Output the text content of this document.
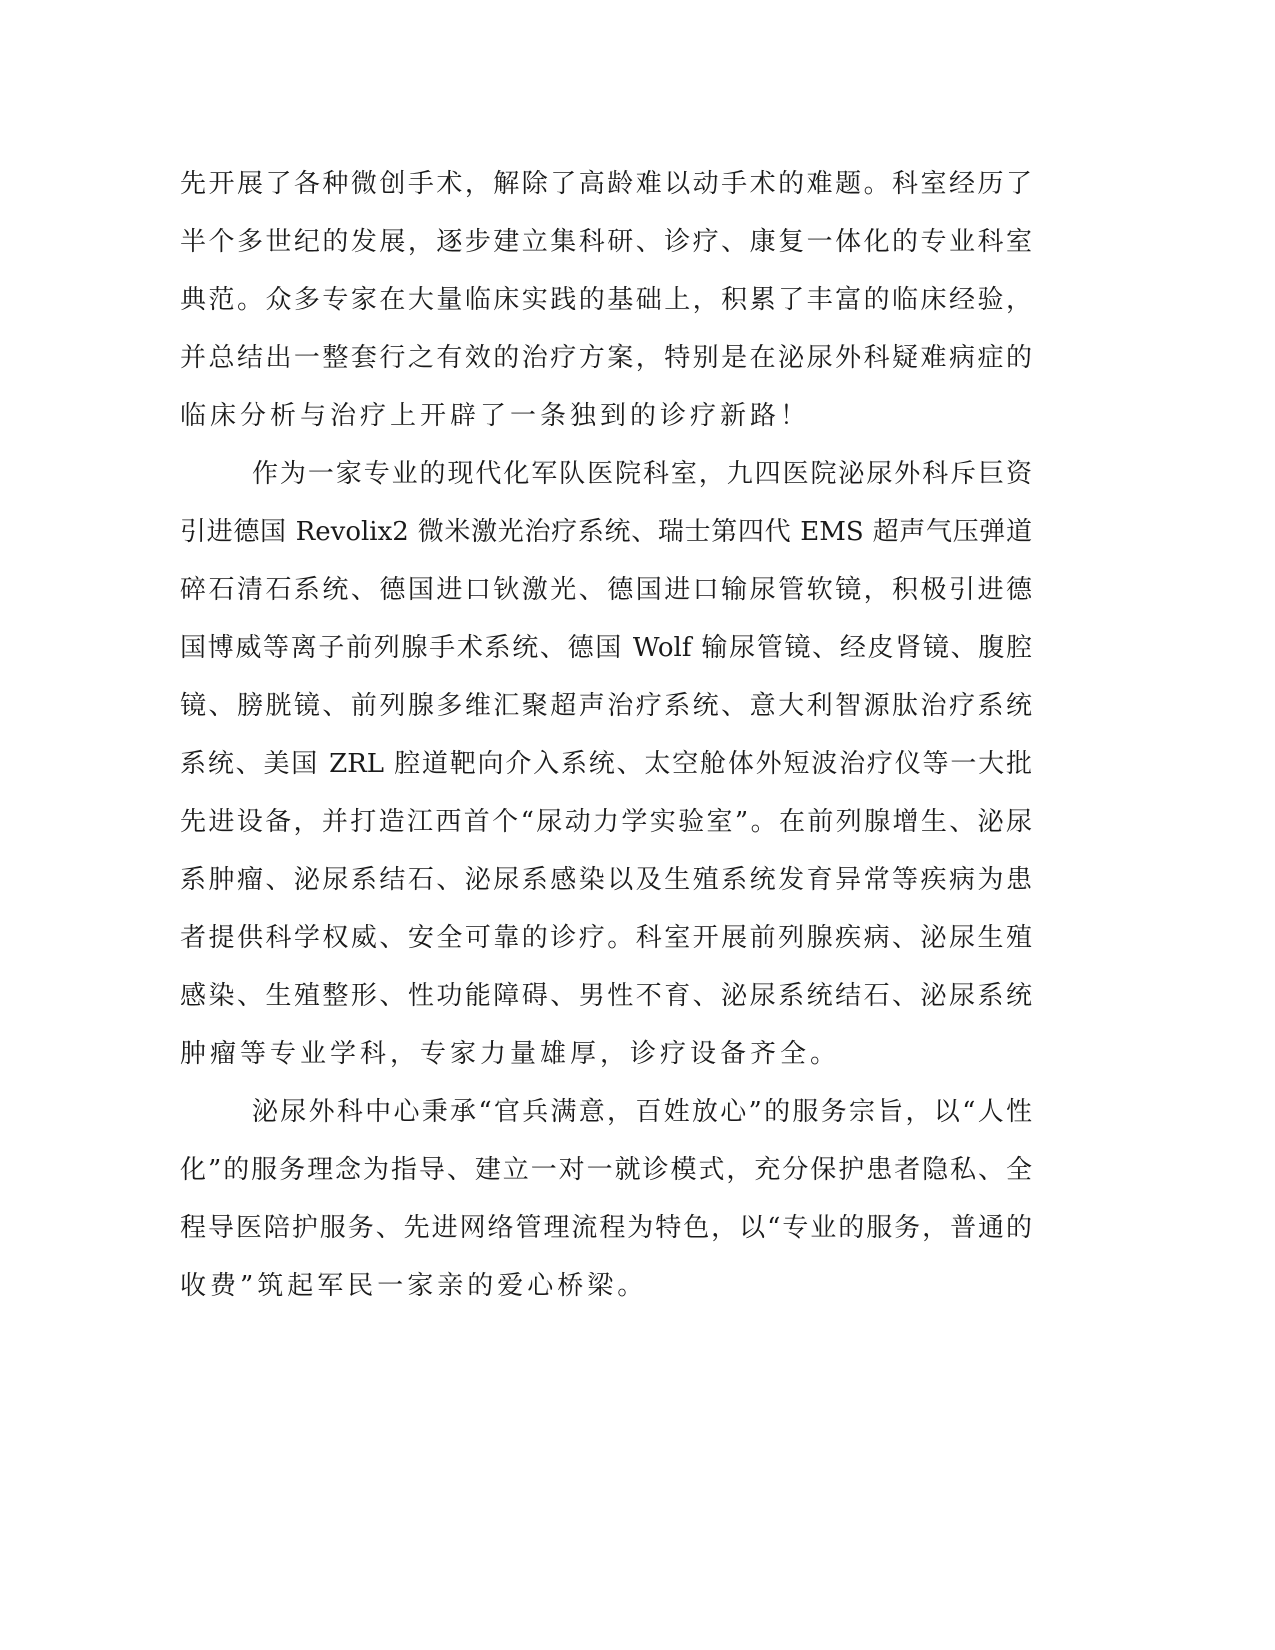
先开展了各种微创手术，解除了高龄难以动手术的难题。科室经历了
半个多世纪的发展，逐步建立集科研、诊疗、康复一体化的专业科室
典范。众多专家在大量临床实践的基础上，积累了丰富的临床经验，
并总结出一整套行之有效的治疗方案，特别是在泌尿外科疑难病症的
临床分析与治疗上开辟了一条独到的诊疗新路！
作为一家专业的现代化军队医院科室，九四医院泌尿外科斥巨资
引进德国 Revolix2 微米激光治疗系统、瑞士第四代 EMS 超声气压弹道
碎石清石系统、德国进口钬激光、德国进口输尿管软镜，积极引进德
国博威等离子前列腺手术系统、德国 Wolf 输尿管镜、经皮肾镜、腹腔
镜、膀胱镜、前列腺多维汇聚超声治疗系统、意大利智源肽治疗系统
系统、美国 ZRL 腔道靶向介入系统、太空舱体外短波治疗仪等一大批
先进设备，并打造江西首个“尿动力学实验室”。在前列腺增生、泌尿
系肿瘤、泌尿系结石、泌尿系感染以及生殖系统发育异常等疾病为患
者提供科学权威、安全可靠的诊疗。科室开展前列腺疾病、泌尿生殖
感染、生殖整形、性功能障碍、男性不育、泌尿系统结石、泌尿系统
肿瘤等专业学科，专家力量雄厚，诊疗设备齐全。
泌尿外科中心秉承“官兵满意，百姓放心”的服务宗旨，以“人性
化”的服务理念为指导、建立一对一就诊模式，充分保护患者隐私、全
程导医陪护服务、先进网络管理流程为特色，以“专业的服务，普通的
收费”筑起军民一家亲的爱心桥梁。
